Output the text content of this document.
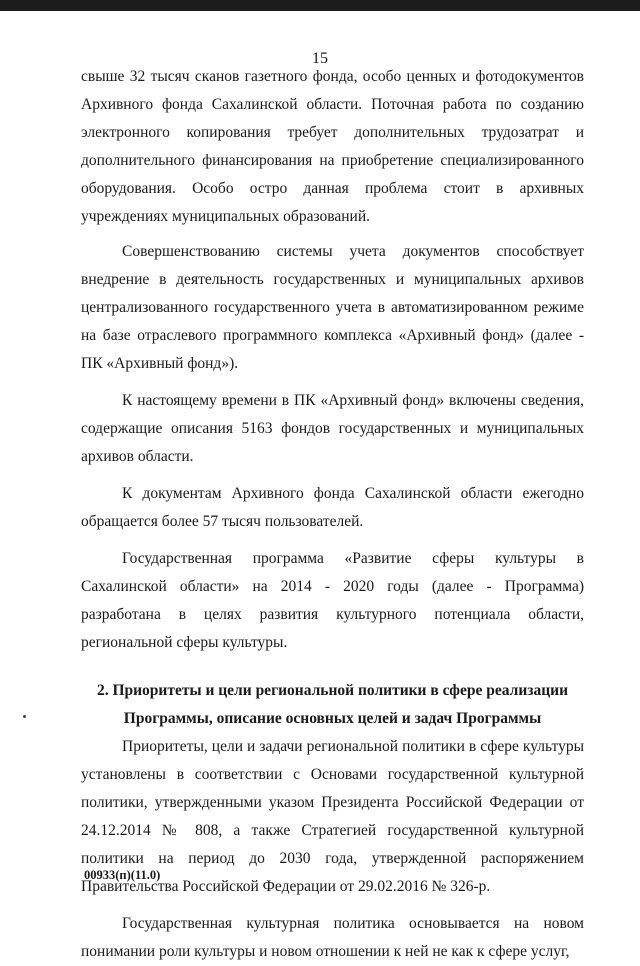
15

свыше 32 тысяч сканов газетного фонда, особо ценных и фотодокументов Архивного фонда Сахалинской области. Поточная работа по созданию электронного копирования требует дополнительных трудозатрат и дополнительного финансирования на приобретение специализированного оборудования. Особо остро данная проблема стоит в архивных учреждениях муниципальных образований.

Совершенствованию системы учета документов способствует внедрение в деятельность государственных и муниципальных архивов централизованного государственного учета в автоматизированном режиме на базе отраслевого программного комплекса «Архивный фонд» (далее - ПК «Архивный фонд»).

К настоящему времени в ПК «Архивный фонд» включены сведения, содержащие описания 5163 фондов государственных и муниципальных архивов области.

К документам Архивного фонда Сахалинской области ежегодно обращается более 57 тысяч пользователей.

Государственная программа «Развитие сферы культуры в Сахалинской области» на 2014 - 2020 годы (далее - Программа) разработана в целях развития культурного потенциала области, региональной сферы культуры.

2. Приоритеты и цели региональной политики в сфере реализации
Программы, описание основных целей и задач Программы

Приоритеты, цели и задачи региональной политики в сфере культуры установлены в соответствии с Основами государственной культурной политики, утвержденными указом Президента Российской Федерации от 24.12.2014 № 808, а также Стратегией государственной культурной политики на период до 2030 года, утвержденной распоряжением Правительства Российской Федерации от 29.02.2016 № 326-р.

Государственная культурная политика основывается на новом понимании роли культуры и новом отношении к ней не как к сфере услуг,

00933(п)(11.0)
